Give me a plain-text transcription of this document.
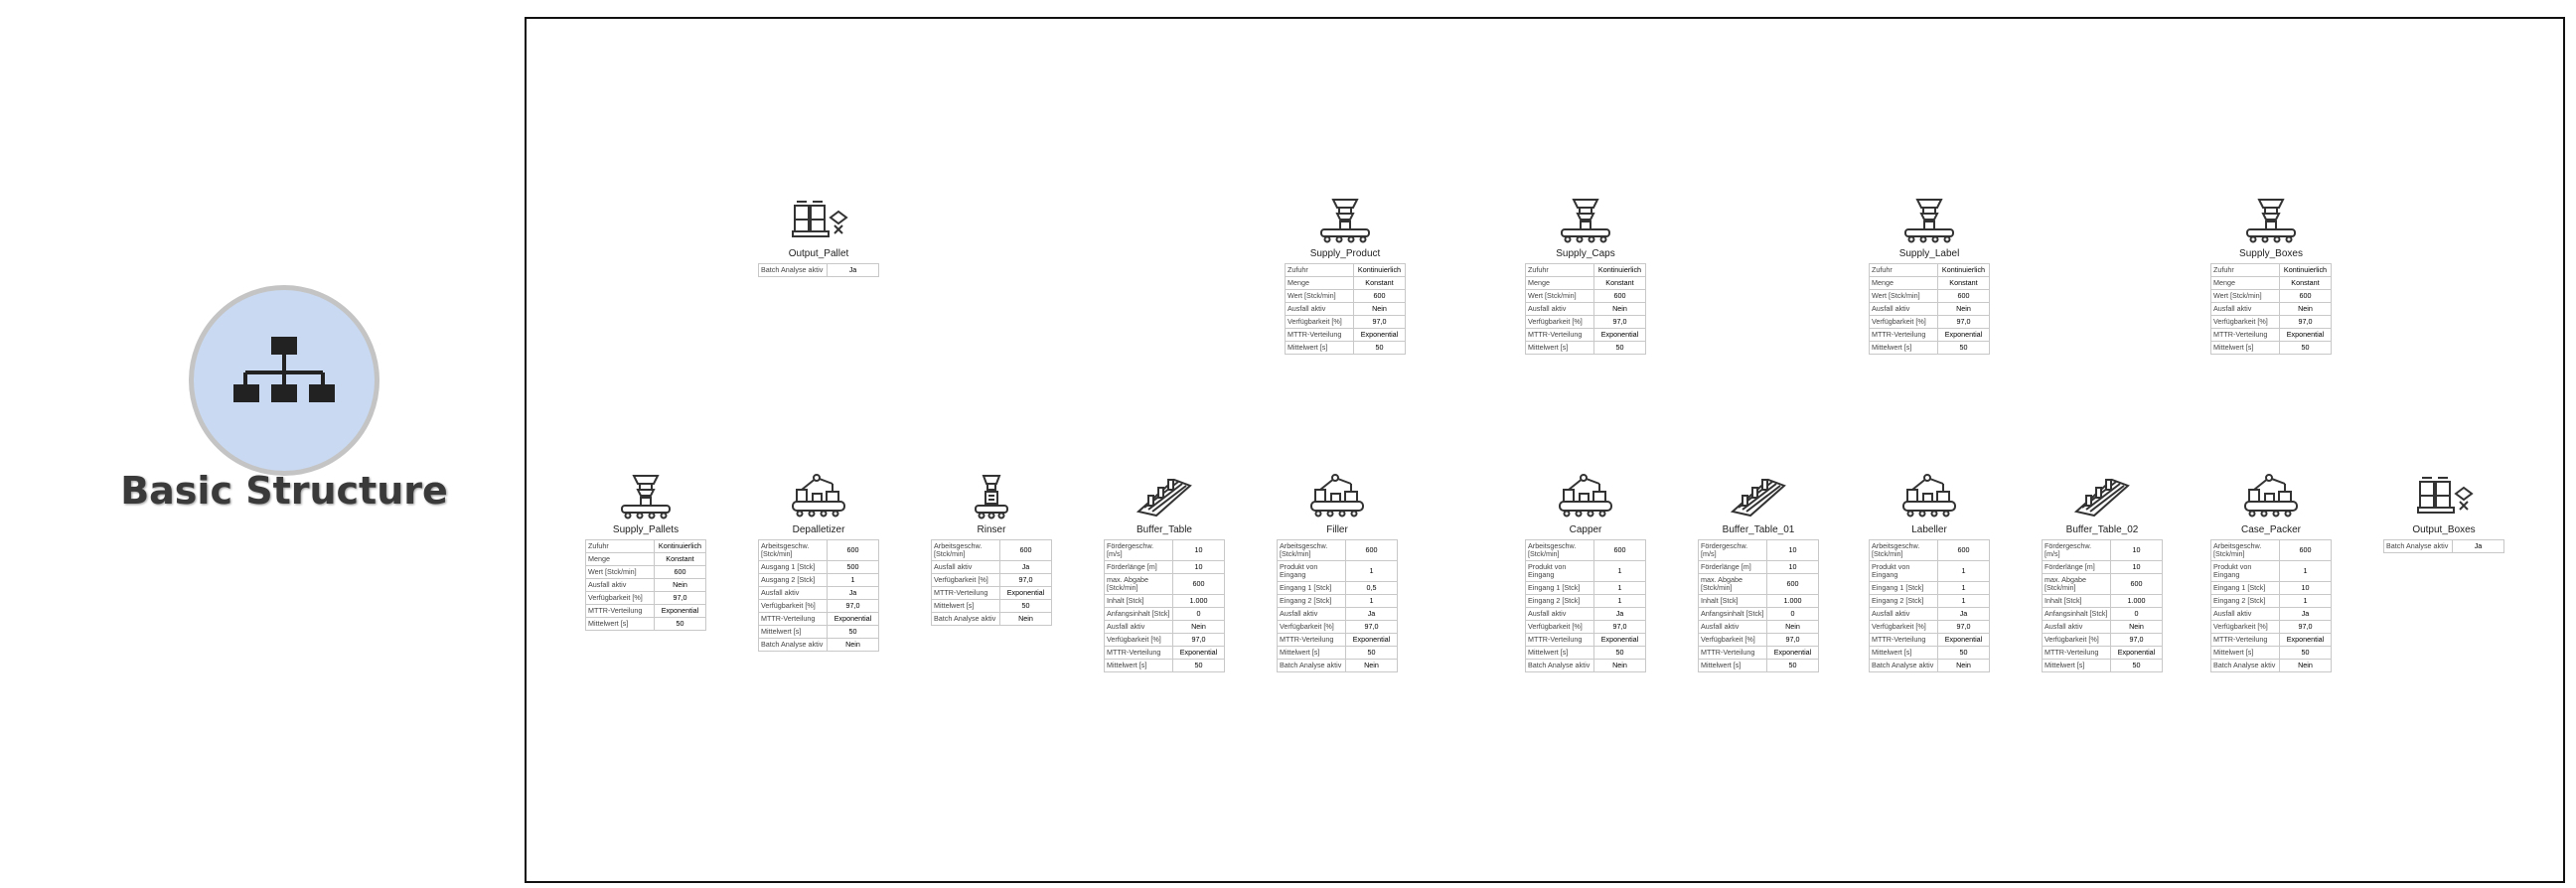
Basic Structure
Output_Pallet
Batch Analyse aktiv	Ja
Supply_Product
Zufuhr	Kontinuierlich
Menge	Konstant
Wert [Stck/min]	600
Ausfall aktiv	Nein
Verfügbarkeit [%]	97,0
MTTR-Verteilung	Exponential
Mittelwert [s]	50
Supply_Caps
Zufuhr	Kontinuierlich
Menge	Konstant
Wert [Stck/min]	600
Ausfall aktiv	Nein
Verfügbarkeit [%]	97,0
MTTR-Verteilung	Exponential
Mittelwert [s]	50
Supply_Label
Zufuhr	Kontinuierlich
Menge	Konstant
Wert [Stck/min]	600
Ausfall aktiv	Nein
Verfügbarkeit [%]	97,0
MTTR-Verteilung	Exponential
Mittelwert [s]	50
Supply_Boxes
Zufuhr	Kontinuierlich
Menge	Konstant
Wert [Stck/min]	600
Ausfall aktiv	Nein
Verfügbarkeit [%]	97,0
MTTR-Verteilung	Exponential
Mittelwert [s]	50
Supply_Pallets
Zufuhr	Kontinuierlich
Menge	Konstant
Wert [Stck/min]	600
Ausfall aktiv	Nein
Verfügbarkeit [%]	97,0
MTTR-Verteilung	Exponential
Mittelwert [s]	50
Depalletizer
Arbeitsgeschw. [Stck/min]	600
Ausgang 1 [Stck]	500
Ausgang 2 [Stck]	1
Ausfall aktiv	Ja
Verfügbarkeit [%]	97,0
MTTR-Verteilung	Exponential
Mittelwert [s]	50
Batch Analyse aktiv	Nein
Rinser
Arbeitsgeschw. [Stck/min]	600
Ausfall aktiv	Ja
Verfügbarkeit [%]	97,0
MTTR-Verteilung	Exponential
Mittelwert [s]	50
Batch Analyse aktiv	Nein
Buffer_Table
Fördergeschw. [m/s]	10
Förderlänge [m]	10
max. Abgabe [Stck/min]	600
Inhalt [Stck]	1.000
Anfangsinhalt [Stck]	0
Ausfall aktiv	Nein
Verfügbarkeit [%]	97,0
MTTR-Verteilung	Exponential
Mittelwert [s]	50
Filler
Arbeitsgeschw. [Stck/min]	600
Produkt von Eingang	1
Eingang 1 [Stck]	0,5
Eingang 2 [Stck]	1
Ausfall aktiv	Ja
Verfügbarkeit [%]	97,0
MTTR-Verteilung	Exponential
Mittelwert [s]	50
Batch Analyse aktiv	Nein
Capper
Arbeitsgeschw. [Stck/min]	600
Produkt von Eingang	1
Eingang 1 [Stck]	1
Eingang 2 [Stck]	1
Ausfall aktiv	Ja
Verfügbarkeit [%]	97,0
MTTR-Verteilung	Exponential
Mittelwert [s]	50
Batch Analyse aktiv	Nein
Buffer_Table_01
Fördergeschw. [m/s]	10
Förderlänge [m]	10
max. Abgabe [Stck/min]	600
Inhalt [Stck]	1.000
Anfangsinhalt [Stck]	0
Ausfall aktiv	Nein
Verfügbarkeit [%]	97,0
MTTR-Verteilung	Exponential
Mittelwert [s]	50
Labeller
Arbeitsgeschw. [Stck/min]	600
Produkt von Eingang	1
Eingang 1 [Stck]	1
Eingang 2 [Stck]	1
Ausfall aktiv	Ja
Verfügbarkeit [%]	97,0
MTTR-Verteilung	Exponential
Mittelwert [s]	50
Batch Analyse aktiv	Nein
Buffer_Table_02
Fördergeschw. [m/s]	10
Förderlänge [m]	10
max. Abgabe [Stck/min]	600
Inhalt [Stck]	1.000
Anfangsinhalt [Stck]	0
Ausfall aktiv	Nein
Verfügbarkeit [%]	97,0
MTTR-Verteilung	Exponential
Mittelwert [s]	50
Case_Packer
Arbeitsgeschw. [Stck/min]	600
Produkt von Eingang	1
Eingang 1 [Stck]	10
Eingang 2 [Stck]	1
Ausfall aktiv	Ja
Verfügbarkeit [%]	97,0
MTTR-Verteilung	Exponential
Mittelwert [s]	50
Batch Analyse aktiv	Nein
Output_Boxes
Batch Analyse aktiv	Ja
